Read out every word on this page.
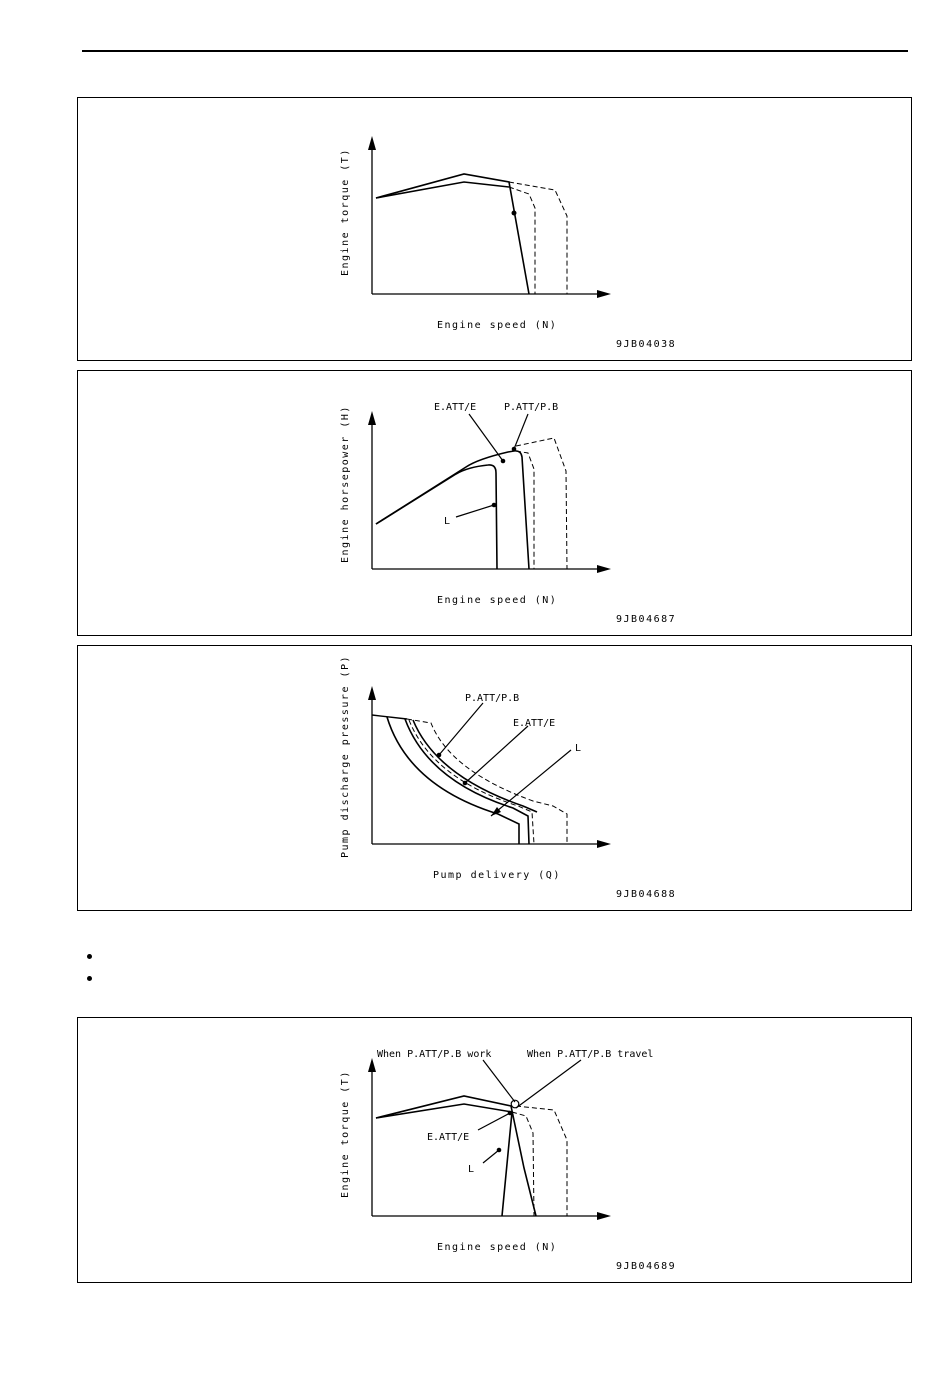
Engine torque (T)
Engine speed (N)
9JB04038
E.ATT/E	P.ATT/P.B
L
Engine horsepower (H)
Engine speed (N)
9JB04687
P.ATT/P.B
E.ATT/E
L
Pump discharge pressure (P)
Pump delivery (Q)
9JB04688
When P.ATT/P.B work	When P.ATT/P.B travel
E.ATT/E
L
Engine torque (T)
Engine speed (N)
9JB04689
